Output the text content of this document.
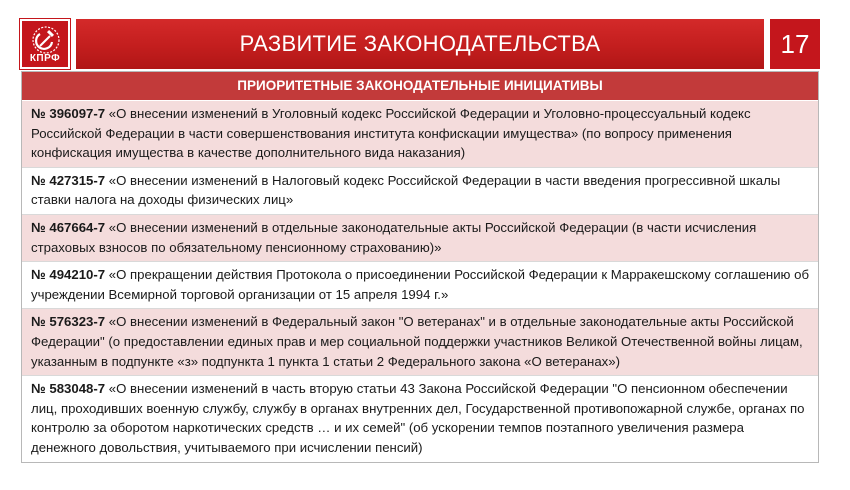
КПРФ
РАЗВИТИЕ ЗАКОНОДАТЕЛЬСТВА	17
ПРИОРИТЕТНЫЕ ЗАКОНОДАТЕЛЬНЫЕ ИНИЦИАТИВЫ
№ 396097-7 «О внесении изменений в Уголовный кодекс Российской Федерации и Уголовно-процессуальный кодекс Российской Федерации в части совершенствования института конфискации имущества» (по вопросу применения конфискация имущества в качестве дополнительного вида наказания)
№ 427315-7 «О внесении изменений в Налоговый кодекс Российской Федерации в части введения прогрессивной шкалы ставки налога на доходы физических лиц»
№ 467664-7 «О внесении изменений в отдельные законодательные акты Российской Федерации (в части исчисления страховых взносов по обязательному пенсионному страхованию)»
№ 494210-7 «О прекращении действия Протокола о присоединении Российской Федерации к Марракешскому соглашению об учреждении Всемирной торговой организации от 15 апреля 1994 г.»
№ 576323-7 «О внесении изменений в Федеральный закон "О ветеранах" и в отдельные законодательные акты Российской Федерации" (о предоставлении единых прав и мер социальной поддержки участников Великой Отечественной войны лицам, указанным в подпункте «з» подпункта 1 пункта 1 статьи 2 Федерального закона «О ветеранах»)
№ 583048-7 «О внесении изменений в часть вторую статьи 43 Закона Российской Федерации "О пенсионном обеспечении лиц, проходивших военную службу, службу в органах внутренних дел, Государственной противопожарной службе, органах по контролю за оборотом наркотических средств … и их семей" (об ускорении темпов поэтапного увеличения размера денежного довольствия, учитываемого при исчислении пенсий)
